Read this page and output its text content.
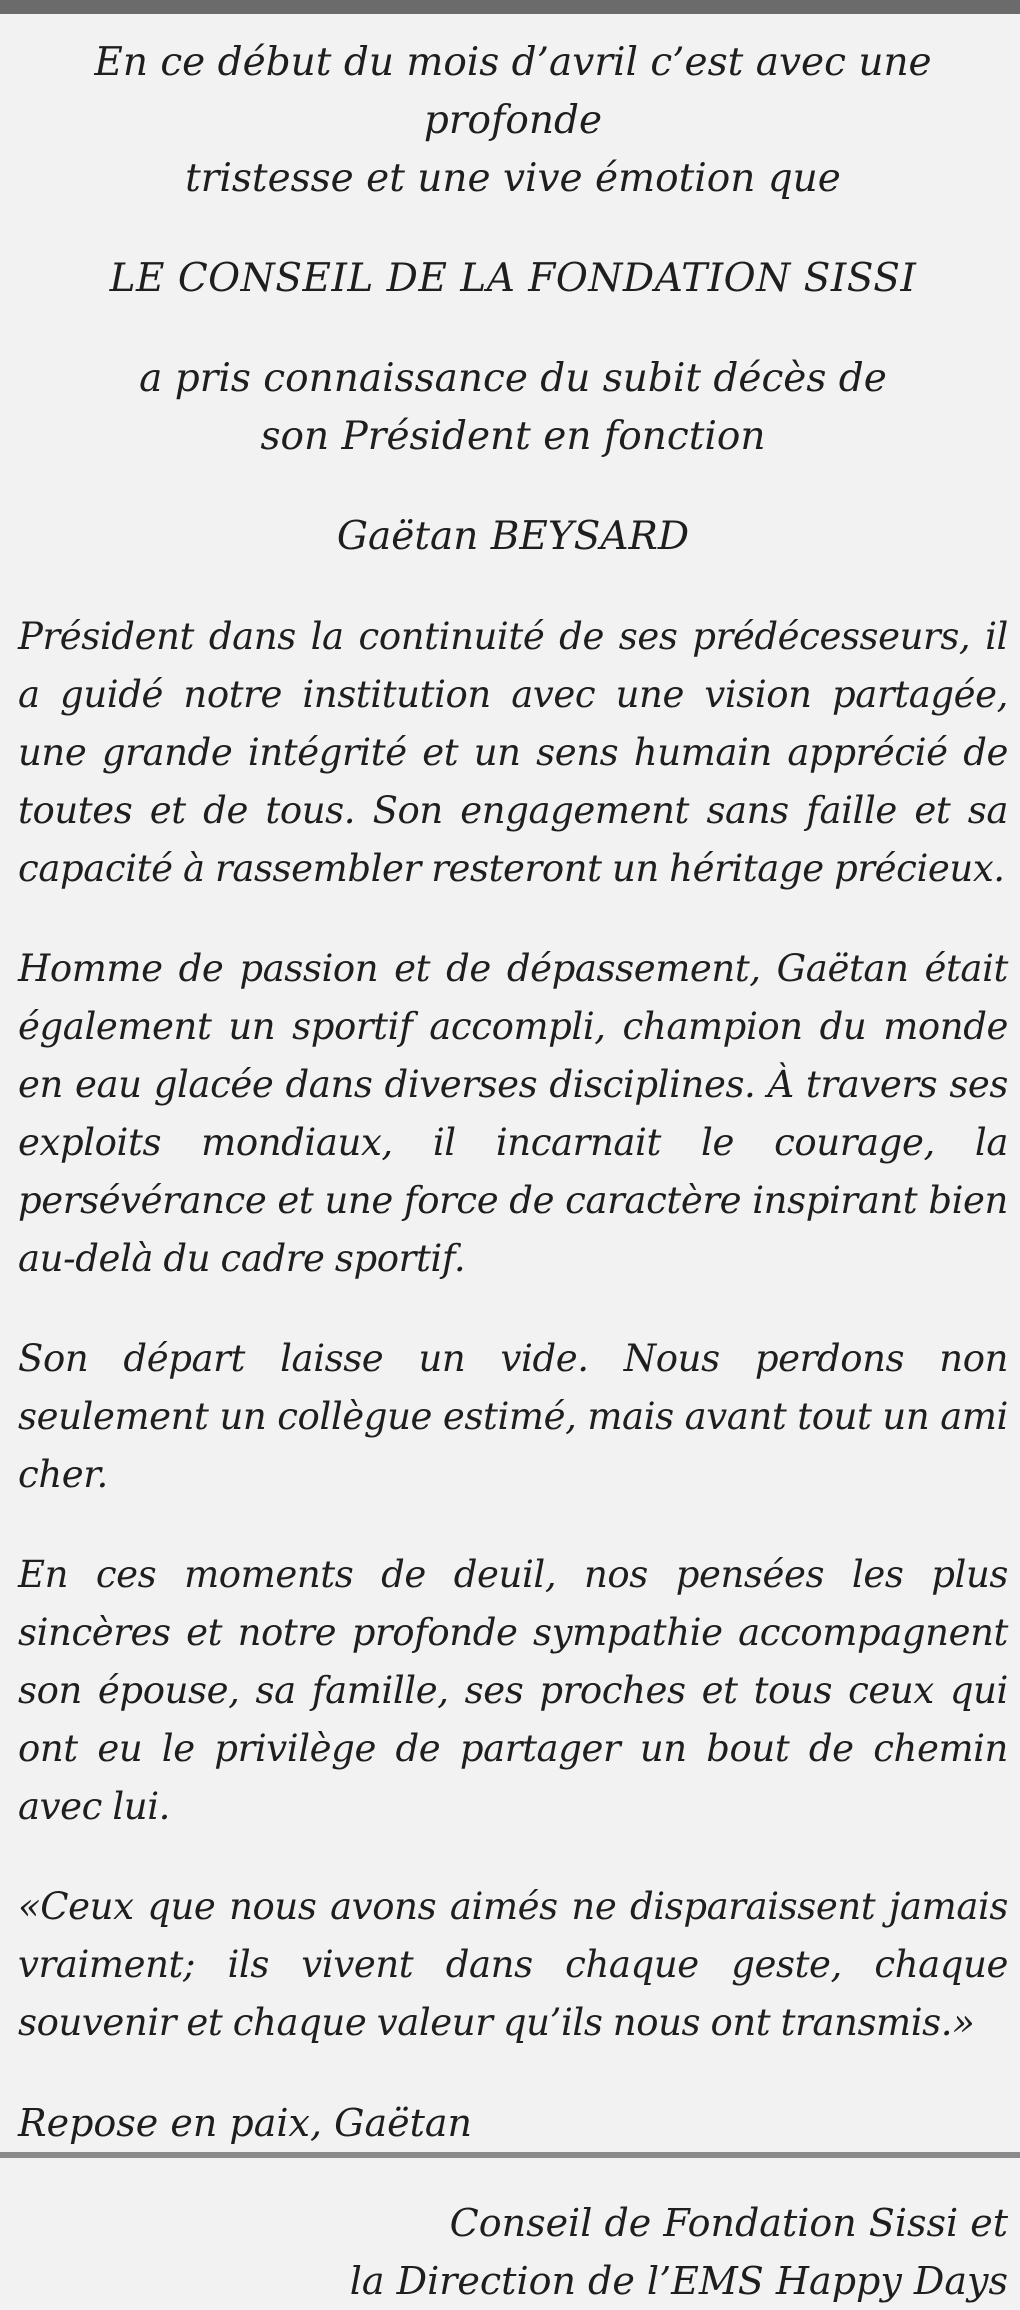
En ce début du mois d’avril c’est avec une profonde
tristesse et une vive émotion que

LE CONSEIL DE LA FONDATION SISSI

a pris connaissance du subit décès de
son Président en fonction

Gaëtan BEYSARD

Président dans la continuité de ses prédécesseurs, il a guidé notre institution avec une vision partagée, une grande intégrité et un sens humain apprécié de toutes et de tous. Son engagement sans faille et sa capacité à rassembler resteront un héritage précieux.

Homme de passion et de dépassement, Gaëtan était également un sportif accompli, champion du monde en eau glacée dans diverses disciplines. À travers ses exploits mondiaux, il incarnait le courage, la persévérance et une force de caractère inspirant bien au-delà du cadre sportif.

Son départ laisse un vide. Nous perdons non seulement un collègue estimé, mais avant tout un ami cher.

En ces moments de deuil, nos pensées les plus sincères et notre profonde sympathie accompagnent son épouse, sa famille, ses proches et tous ceux qui ont eu le privilège de partager un bout de chemin avec lui.

«Ceux que nous avons aimés ne disparaissent jamais vraiment; ils vivent dans chaque geste, chaque souvenir et chaque valeur qu’ils nous ont transmis.»

Repose en paix, Gaëtan

Conseil de Fondation Sissi et
la Direction de l’EMS Happy Days
